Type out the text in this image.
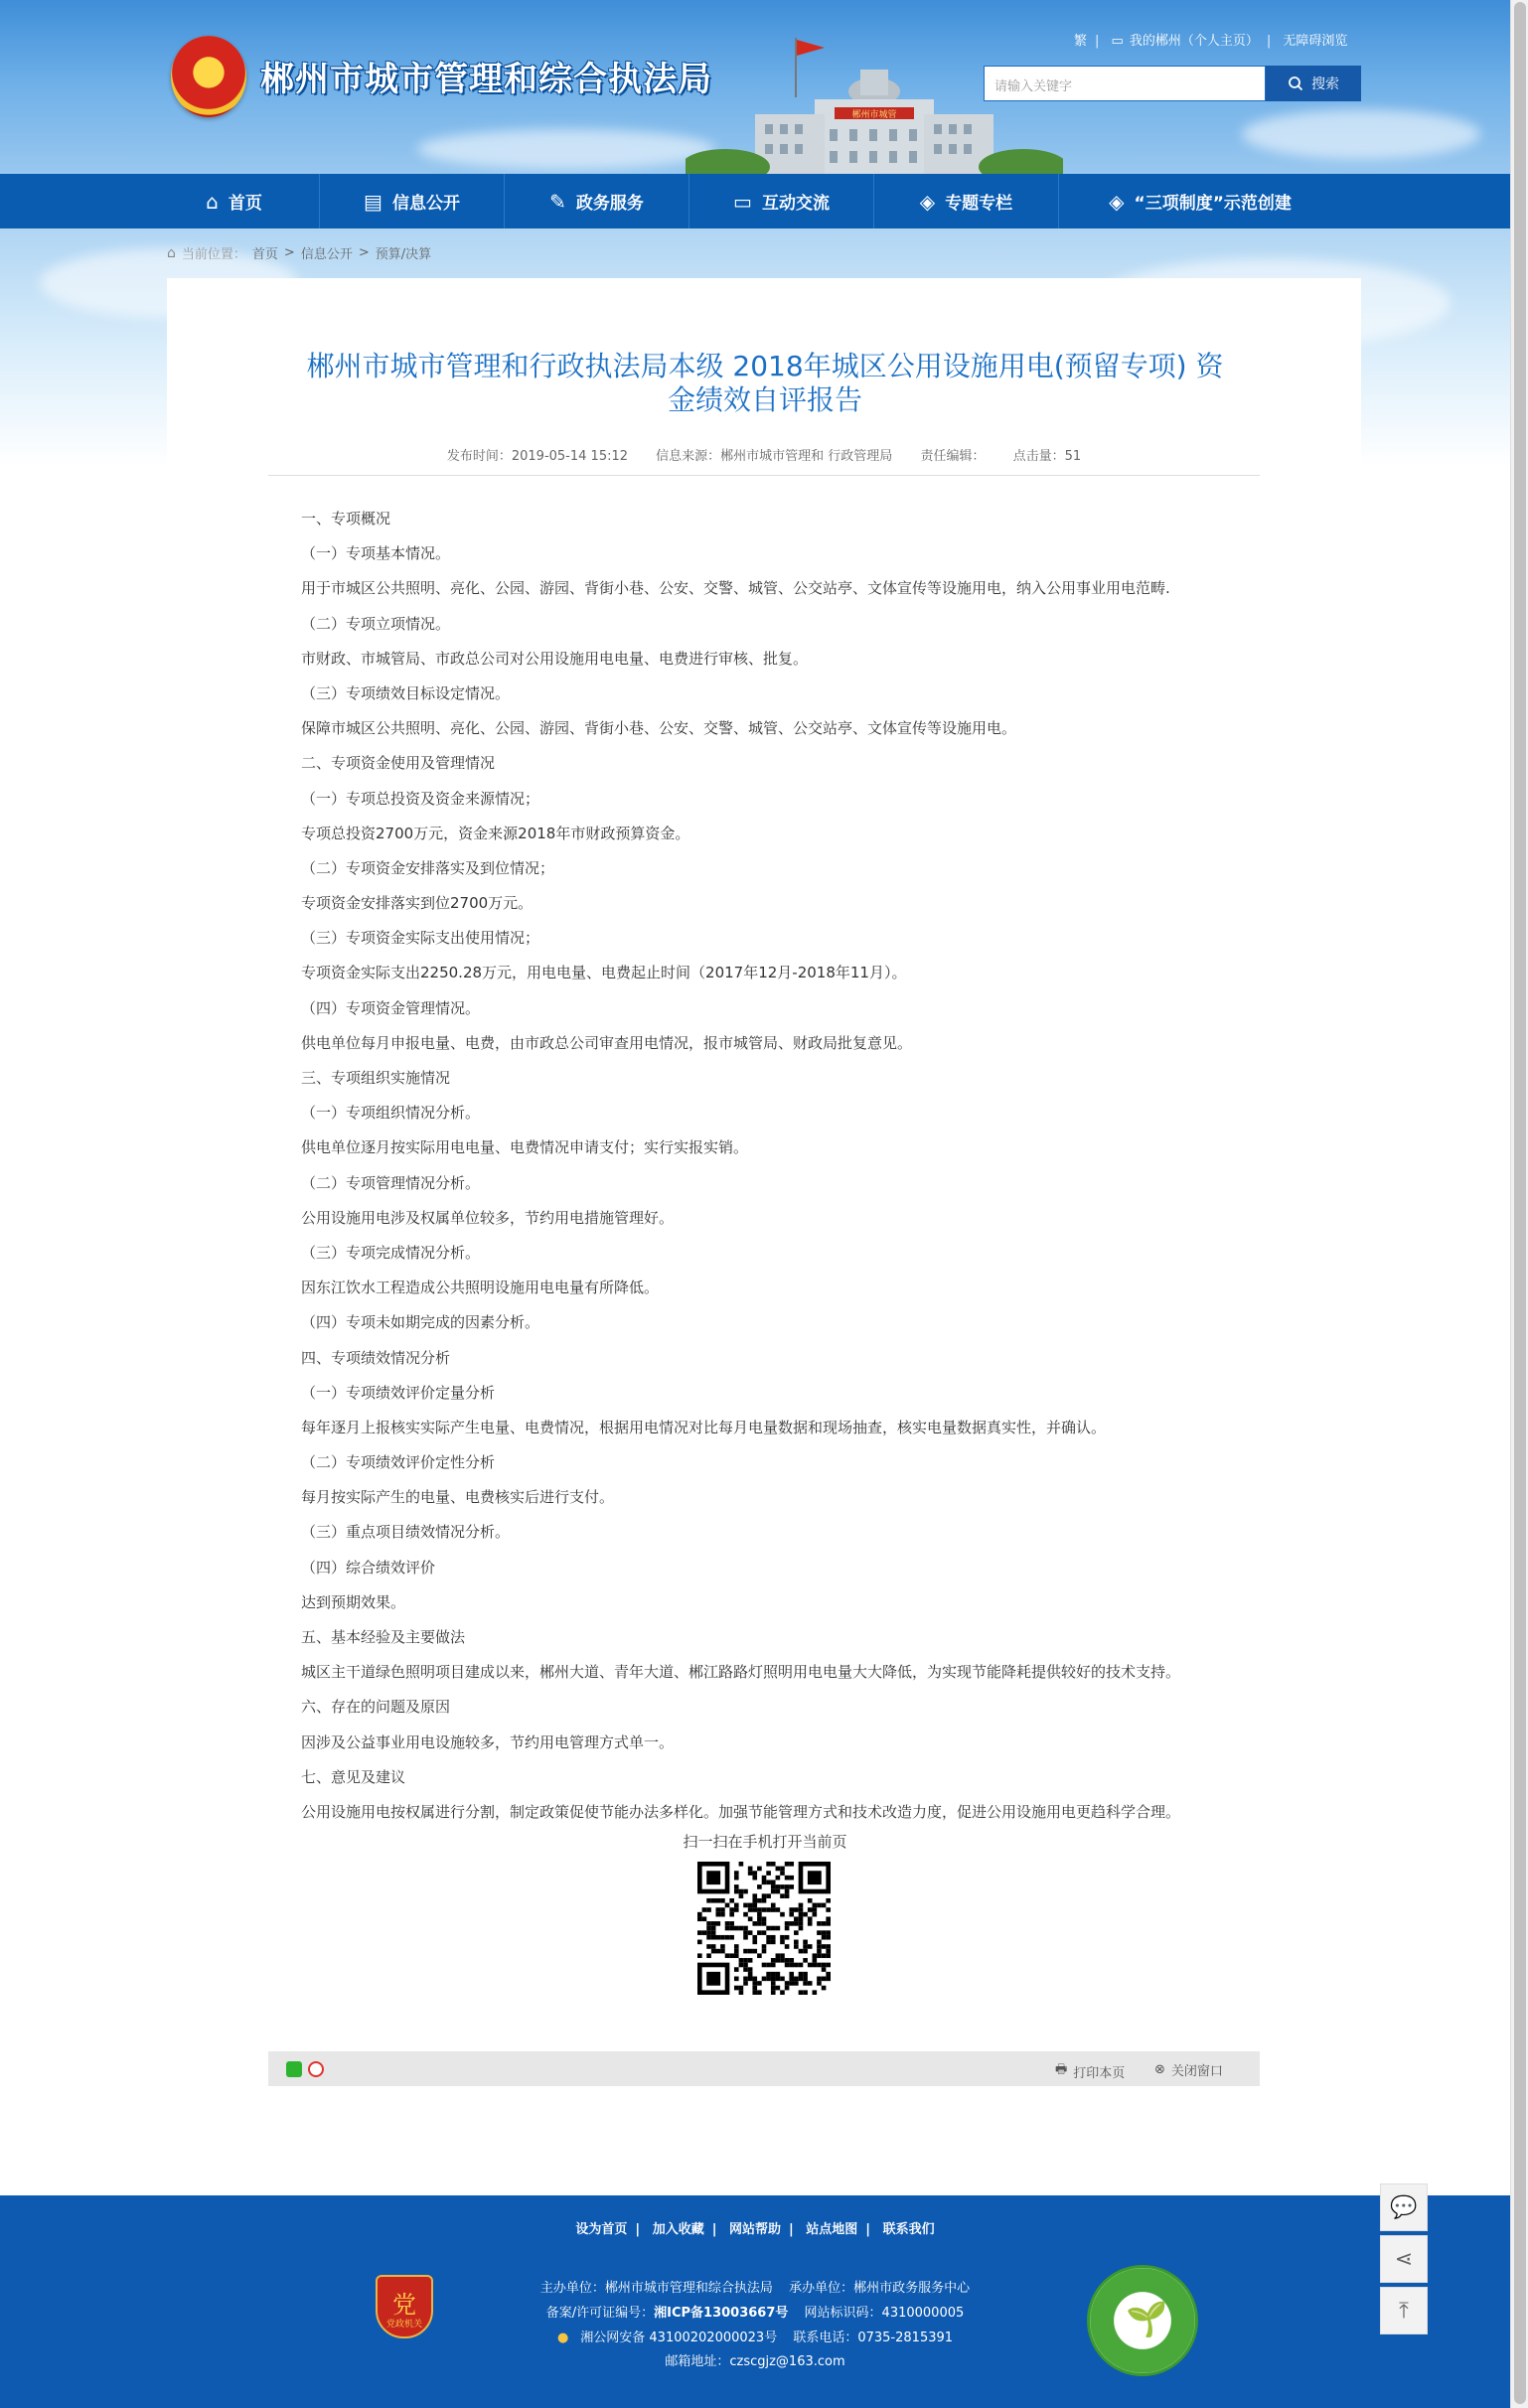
★
郴州市城市管理和综合执法局
郴州市城管
繁 | ▭ 我的郴州（个人主页） | 无障碍浏览
请输入关键字	搜索
⌂ 首页	▤ 信息公开	✎ 政务服务	▭ 互动交流	◈ 专题专栏	◈ “三项制度”示范创建
⌂ 当前位置： 首页 > 信息公开 > 预算/决算
郴州市城市管理和行政执法局本级 2018年城区公用设施用电(预留专项) 资
金绩效自评报告
发布时间：2019-05-14 15:12 信息来源：郴州市城市管理和 行政管理局 责任编辑： 点击量：51

一、专项概况

（一）专项基本情况。

用于市城区公共照明、亮化、公园、游园、背街小巷、公安、交警、城管、公交站亭、文体宣传等设施用电，纳入公用事业用电范畴.

（二）专项立项情况。

市财政、市城管局、市政总公司对公用设施用电电量、电费进行审核、批复。

（三）专项绩效目标设定情况。

保障市城区公共照明、亮化、公园、游园、背街小巷、公安、交警、城管、公交站亭、文体宣传等设施用电。

二、专项资金使用及管理情况

（一）专项总投资及资金来源情况；

专项总投资2700万元，资金来源2018年市财政预算资金。

（二）专项资金安排落实及到位情况；

专项资金安排落实到位2700万元。

（三）专项资金实际支出使用情况；

专项资金实际支出2250.28万元，用电电量、电费起止时间（2017年12月-2018年11月）。

（四）专项资金管理情况。

供电单位每月申报电量、电费，由市政总公司审查用电情况，报市城管局、财政局批复意见。

三、专项组织实施情况

（一）专项组织情况分析。

供电单位逐月按实际用电电量、电费情况申请支付；实行实报实销。

（二）专项管理情况分析。

公用设施用电涉及权属单位较多，节约用电措施管理好。

（三）专项完成情况分析。

因东江饮水工程造成公共照明设施用电电量有所降低。

（四）专项未如期完成的因素分析。

四、专项绩效情况分析

（一）专项绩效评价定量分析

每年逐月上报核实实际产生电量、电费情况，根据用电情况对比每月电量数据和现场抽查，核实电量数据真实性，并确认。

（二）专项绩效评价定性分析

每月按实际产生的电量、电费核实后进行支付。

（三）重点项目绩效情况分析。

（四）综合绩效评价

达到预期效果。

五、基本经验及主要做法

城区主干道绿色照明项目建成以来，郴州大道、青年大道、郴江路路灯照明用电电量大大降低，为实现节能降耗提供较好的技术支持。

六、存在的问题及原因

因涉及公益事业用电设施较多，节约用电管理方式单一。

七、意见及建议

公用设施用电按权属进行分割，制定政策促使节能办法多样化。加强节能管理方式和技术改造力度，促进公用设施用电更趋科学合理。

扫一扫在手机打开当前页
🖶 打印本页 ⊗ 关闭窗口
设为首页 | 加入收藏 | 网站帮助 | 站点地图 | 联系我们
主办单位：郴州市城市管理和综合执法局 承办单位：郴州市政务服务中心
备案/许可证编号：湘ICP备13003667号 网站标识码：4310000005
● 湘公网安备 43100202000023号 联系电话：0735-2815391
邮箱地址：czscgjz@163.com
党 党政机关
🌱
💬
⋖
⤒
